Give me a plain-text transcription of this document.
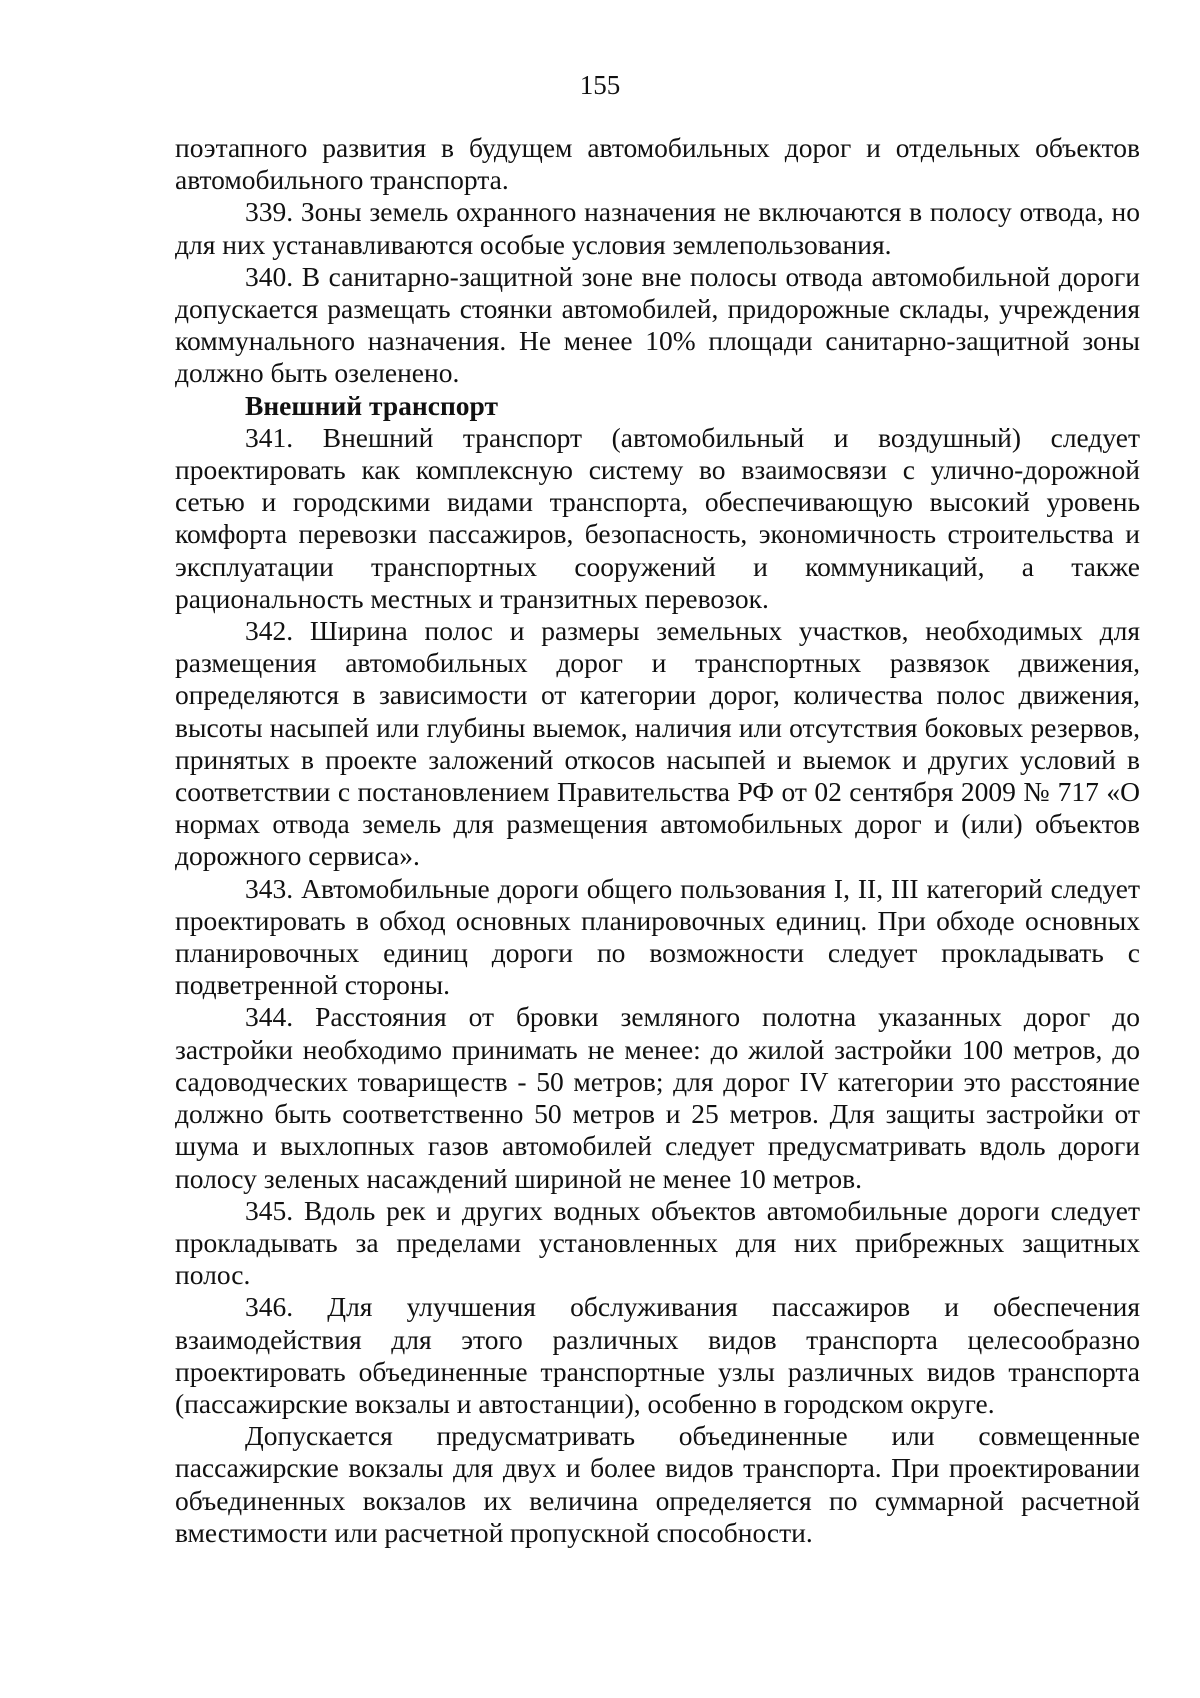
155

поэтапного развития в будущем автомобильных дорог и отдельных объектов автомобильного транспорта.

339. Зоны земель охранного назначения не включаются в полосу отвода, но для них устанавливаются особые условия землепользования.

340. В санитарно-защитной зоне вне полосы отвода автомобильной дороги допускается размещать стоянки автомобилей, придорожные склады, учреждения коммунального назначения. Не менее 10% площади санитарно-защитной зоны должно быть озеленено.

Внешний транспорт

341. Внешний транспорт (автомобильный и воздушный) следует проектировать как комплексную систему во взаимосвязи с улично-дорожной сетью и городскими видами транспорта, обеспечивающую высокий уровень комфорта перевозки пассажиров, безопасность, экономичность строительства и эксплуатации транспортных сооружений и коммуникаций, а также рациональность местных и транзитных перевозок.

342. Ширина полос и размеры земельных участков, необходимых для размещения автомобильных дорог и транспортных развязок движения, определяются в зависимости от категории дорог, количества полос движения, высоты насыпей или глубины выемок, наличия или отсутствия боковых резервов, принятых в проекте заложений откосов насыпей и выемок и других условий в соответствии с постановлением Правительства РФ от 02 сентября 2009 № 717 «О нормах отвода земель для размещения автомобильных дорог и (или) объектов дорожного сервиса».

343. Автомобильные дороги общего пользования I, II, III категорий следует проектировать в обход основных планировочных единиц. При обходе основных планировочных единиц дороги по возможности следует прокладывать с подветренной стороны.

344. Расстояния от бровки земляного полотна указанных дорог до застройки необходимо принимать не менее: до жилой застройки 100 метров, до садоводческих товариществ - 50 метров; для дорог IV категории это расстояние должно быть соответственно 50 метров и 25 метров. Для защиты застройки от шума и выхлопных газов автомобилей следует предусматривать вдоль дороги полосу зеленых насаждений шириной не менее 10 метров.

345. Вдоль рек и других водных объектов автомобильные дороги следует прокладывать за пределами установленных для них прибрежных защитных полос.

346. Для улучшения обслуживания пассажиров и обеспечения взаимодействия для этого различных видов транспорта целесообразно проектировать объединенные транспортные узлы различных видов транспорта (пассажирские вокзалы и автостанции), особенно в городском округе.

Допускается предусматривать объединенные или совмещенные пассажирские вокзалы для двух и более видов транспорта. При проектировании объединенных вокзалов их величина определяется по суммарной расчетной вместимости или расчетной пропускной способности.
